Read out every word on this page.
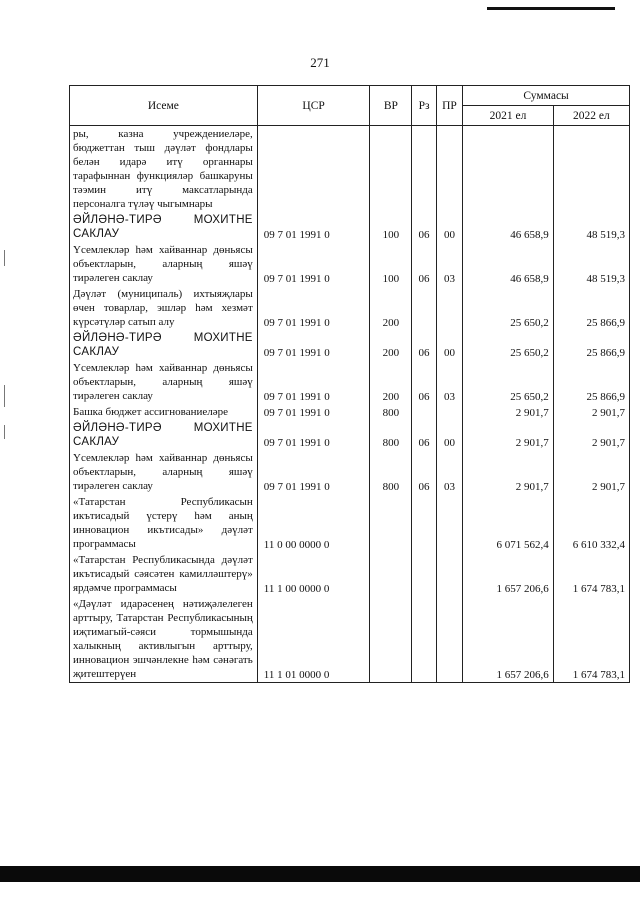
271
Исеме	ЦСР	ВР	Рз	ПР	Суммасы	
					2021 ел	2022 ел
ры, казна учреждениеләре, бюджеттан тыш дәүләт фондлары белән идарә итү органнары тарафыннан функцияләр башкаруны тәэмин итү максатларында персоналга түләү чыгымнары						
ӘЙЛӘНӘ-ТИРӘ МОХИТНЕ САКЛАУ	09 7 01 1991 0	100	06	00	46 658,9	48 519,3
Үсемлекләр һәм хайваннар дөньясы объектларын, аларның яшәү тирәлеген саклау	09 7 01 1991 0	100	06	03	46 658,9	48 519,3
Дәүләт (муниципаль) ихтыяҗлары өчен товарлар, эшләр һәм хезмәт күрсәтүләр сатып алу	09 7 01 1991 0	200			25 650,2	25 866,9
ӘЙЛӘНӘ-ТИРӘ МОХИТНЕ САКЛАУ	09 7 01 1991 0	200	06	00	25 650,2	25 866,9
Үсемлекләр һәм хайваннар дөньясы объектларын, аларның яшәү тирәлеген саклау	09 7 01 1991 0	200	06	03	25 650,2	25 866,9
Башка бюджет ассигнованиеләре	09 7 01 1991 0	800			2 901,7	2 901,7
ӘЙЛӘНӘ-ТИРӘ МОХИТНЕ САКЛАУ	09 7 01 1991 0	800	06	00	2 901,7	2 901,7
Үсемлекләр һәм хайваннар дөньясы объектларын, аларның яшәү тирәлеген саклау	09 7 01 1991 0	800	06	03	2 901,7	2 901,7
«Татарстан Республикасын икътисадый үстерү һәм аның инновацион икътисады» дәүләт программасы	11 0 00 0000 0				6 071 562,4	6 610 332,4
«Татарстан Республикасында дәүләт икътисадый сәясәтен камилләштерү» ярдәмче программасы	11 1 00 0000 0				1 657 206,6	1 674 783,1
«Дәүләт идарәсенең нәтиҗәлелеген арттыру, Татарстан Республикасының иҗтимагый-сәяси тормышында халыкның активлыгын арттыру, инновацион эшчәнлекне һәм сәнәгать җитештерүен	11 1 01 0000 0				1 657 206,6	1 674 783,1
